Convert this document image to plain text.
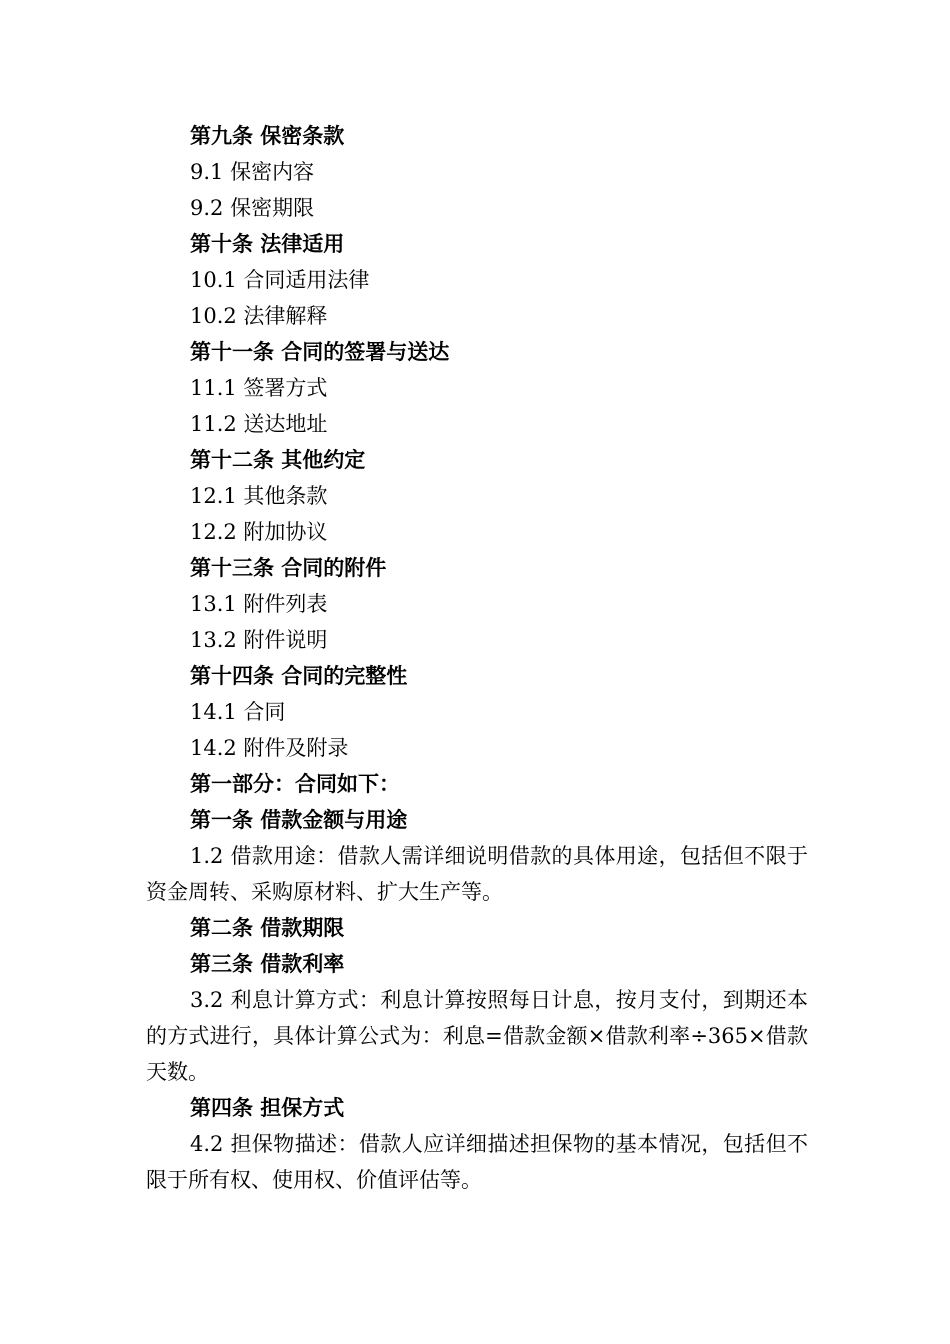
第九条 保密条款
9.1 保密内容
9.2 保密期限
第十条 法律适用
10.1 合同适用法律
10.2 法律解释
第十一条 合同的签署与送达
11.1 签署方式
11.2 送达地址
第十二条 其他约定
12.1 其他条款
12.2 附加协议
第十三条 合同的附件
13.1 附件列表
13.2 附件说明
第十四条 合同的完整性
14.1 合同
14.2 附件及附录
第一部分：合同如下：
第一条 借款金额与用途

1.2 借款用途：借款人需详细说明借款的具体用途，包括但不限于资金周转、采购原材料、扩大生产等。

第二条 借款期限
第三条 借款利率

3.2 利息计算方式：利息计算按照每日计息，按月支付，到期还本的方式进行，具体计算公式为：利息=借款金额×借款利率÷365×借款天数。

第四条 担保方式

4.2 担保物描述：借款人应详细描述担保物的基本情况，包括但不限于所有权、使用权、价值评估等。
